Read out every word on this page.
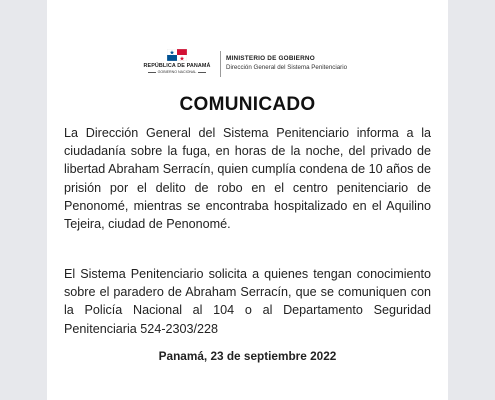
REPÚBLICA DE PANAMÁ
GOBIERNO NACIONAL
MINISTERIO DE GOBIERNO
Dirección General del Sistema Penitenciario
COMUNICADO
La Dirección General del Sistema Penitenciario informa a la ciudadanía sobre la fuga, en horas de la noche, del privado de libertad Abraham Serracín, quien cumplía condena de 10 años de prisión por el delito de robo en el centro penitenciario de Penonomé, mientras se encontraba hospitalizado en el Aquilino Tejeira, ciudad de Penonomé.
El Sistema Penitenciario solicita a quienes tengan conocimiento sobre el paradero de Abraham Serracín, que se comuniquen con la Policía Nacional al 104 o al Departamento Seguridad Penitenciaria 524-2303/228
Panamá, 23 de septiembre 2022
